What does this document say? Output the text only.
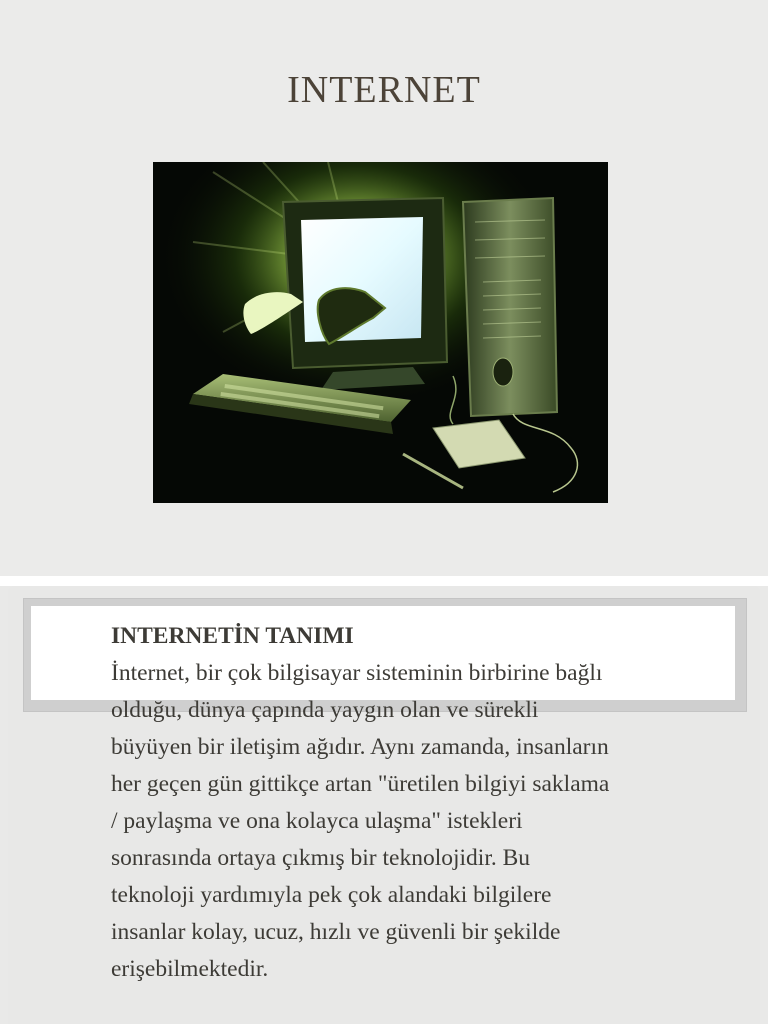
INTERNET
INTERNETİN TANIMI
İnternet, bir çok bilgisayar sisteminin birbirine bağlı olduğu, dünya çapında yaygın olan ve sürekli büyüyen bir iletişim ağıdır. Aynı zamanda, insanların her geçen gün gittikçe artan "üretilen bilgiyi saklama / paylaşma ve ona kolayca ulaşma" istekleri sonrasında ortaya çıkmış bir teknolojidir. Bu teknoloji yardımıyla pek çok alandaki bilgilere insanlar kolay, ucuz, hızlı ve güvenli bir şekilde erişebilmektedir.
